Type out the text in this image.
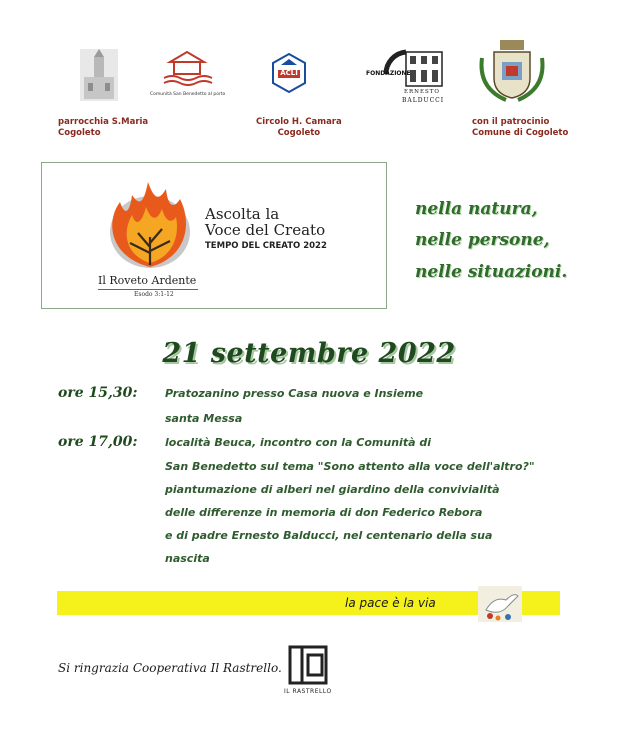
Comunità San Benedetto al porto
ACLI	FONDAZIONE
ERNESTO
BALDUCCI
parrocchia S.Maria
Cogoleto
Circolo H. Camara
Cogoleto
con il patrocinio
Comune di Cogoleto
Ascolta la
Voce del Creato
TEMPO DEL CREATO 2022
Il Roveto Ardente
Esodo 3:1-12
nella natura,
nelle persone,
nelle situazioni.
21 settembre 2022
ore 15,30: Pratozanino presso Casa nuova e Insieme
santa Messa
ore 17,00: località Beuca, incontro con la Comunità di
San Benedetto sul tema "Sono attento alla voce dell'altro?"
piantumazione di alberi nel giardino della convivialità
delle differenze in memoria di don Federico Rebora
e di padre Ernesto Balducci, nel centenario della sua
nascita
la pace è la via
Si ringrazia Cooperativa Il Rastrello.
IL RASTRELLO
